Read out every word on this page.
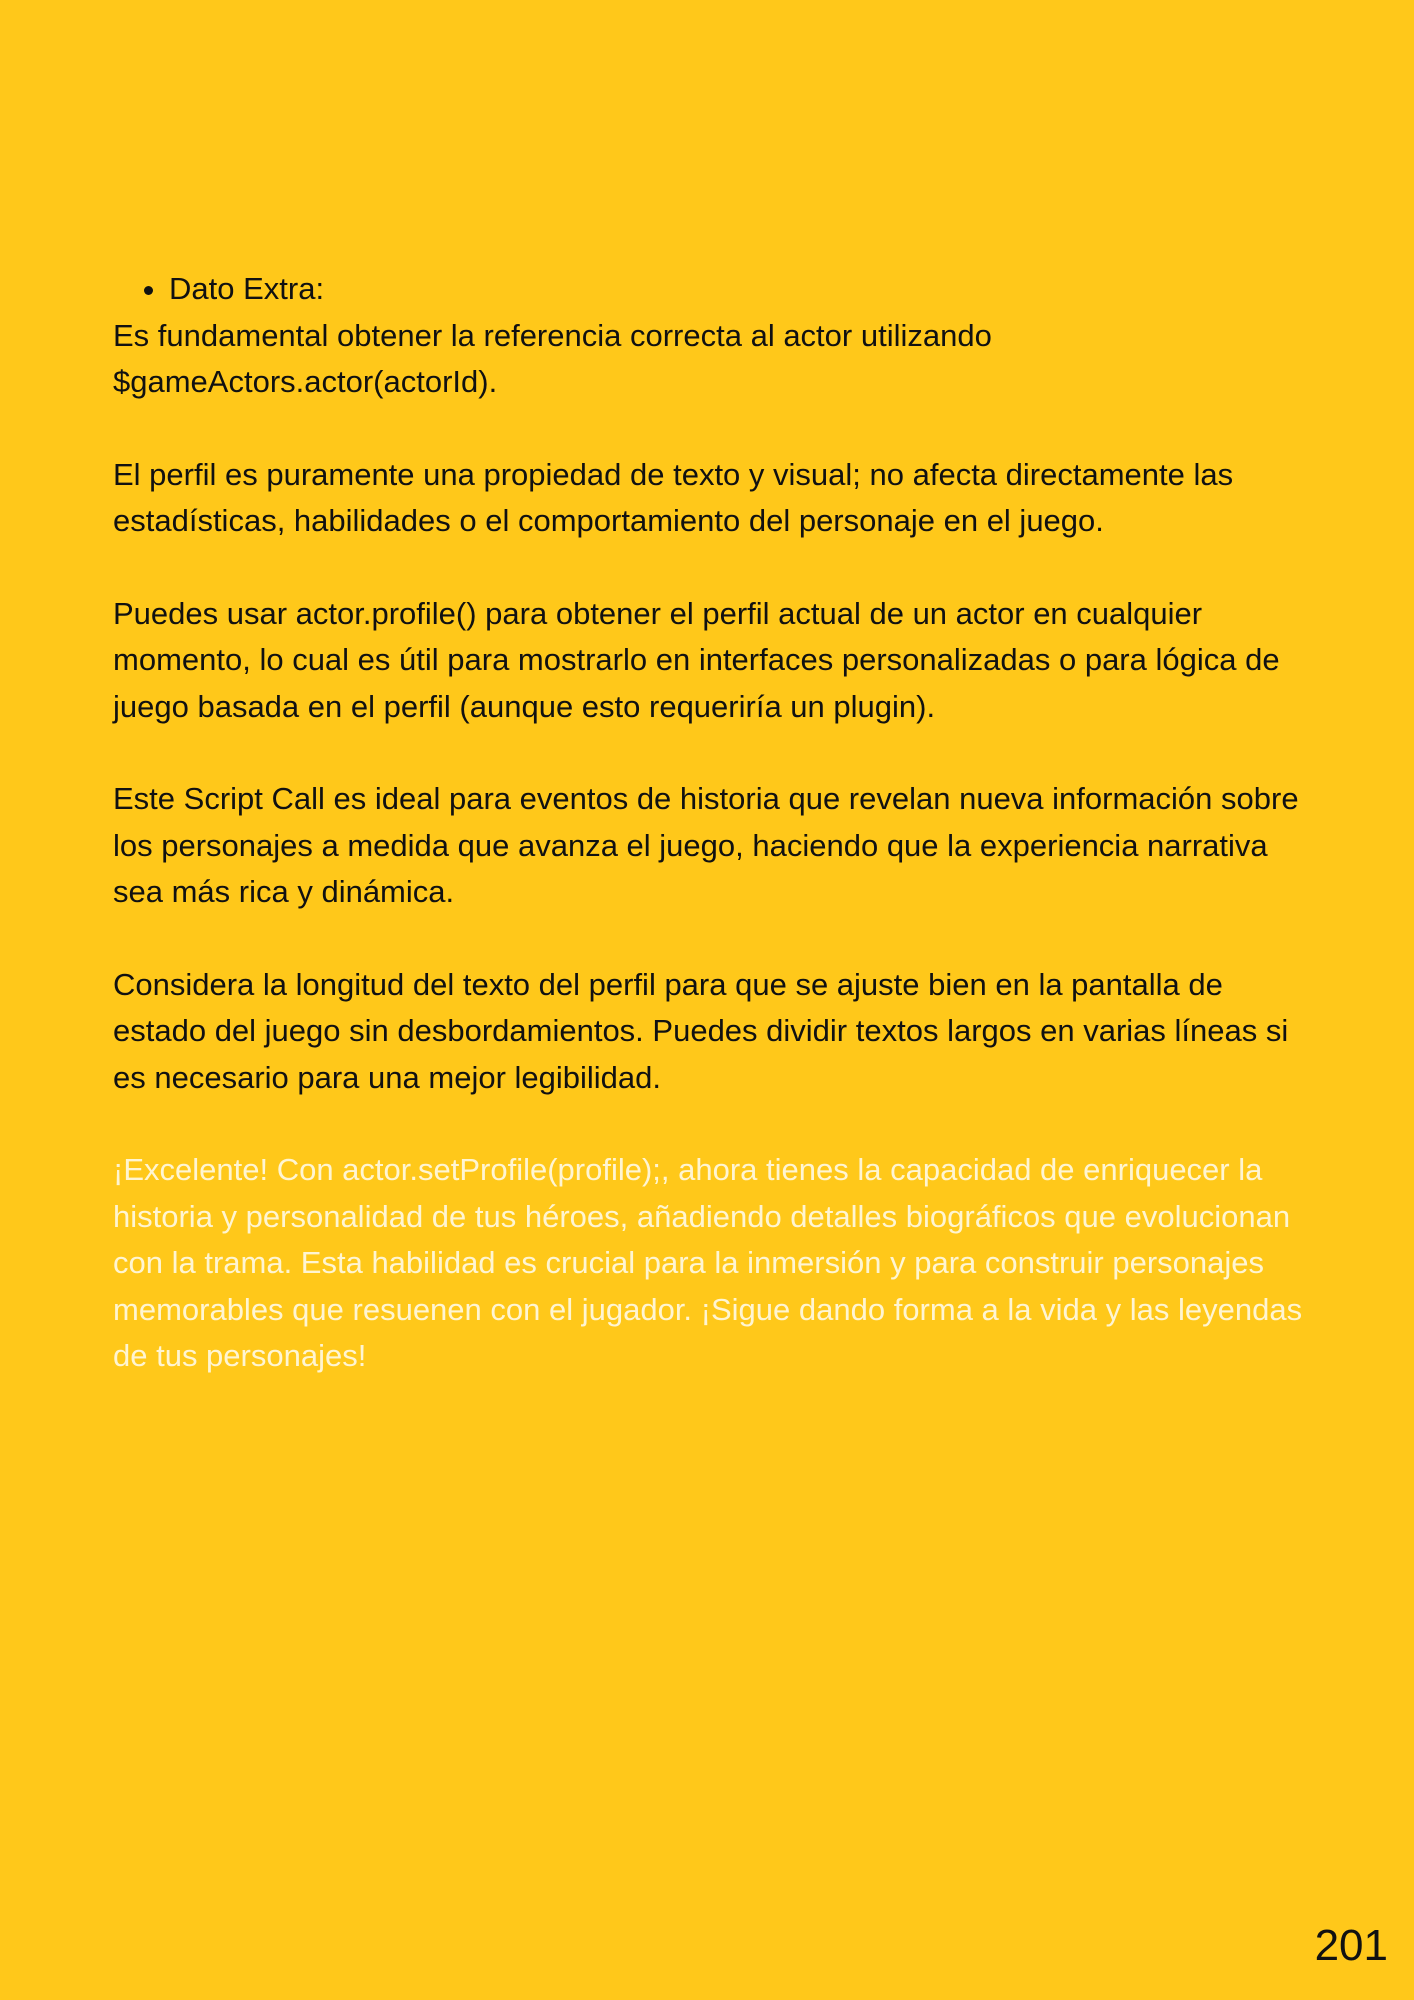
• Dato Extra:

Es fundamental obtener la referencia correcta al actor utilizando $gameActors.actor(actorId).

El perfil es puramente una propiedad de texto y visual; no afecta directamente las estadísticas, habilidades o el comportamiento del personaje en el juego.

Puedes usar actor.profile() para obtener el perfil actual de un actor en cualquier momento, lo cual es útil para mostrarlo en interfaces personalizadas o para lógica de juego basada en el perfil (aunque esto requeriría un plugin).

Este Script Call es ideal para eventos de historia que revelan nueva información sobre los personajes a medida que avanza el juego, haciendo que la experiencia narrativa sea más rica y dinámica.

Considera la longitud del texto del perfil para que se ajuste bien en la pantalla de estado del juego sin desbordamientos. Puedes dividir textos largos en varias líneas si es necesario para una mejor legibilidad.

¡Excelente! Con actor.setProfile(profile);, ahora tienes la capacidad de enriquecer la historia y personalidad de tus héroes, añadiendo detalles biográficos que evolucionan con la trama. Esta habilidad es crucial para la inmersión y para construir personajes memorables que resuenen con el jugador. ¡Sigue dando forma a la vida y las leyendas de tus personajes!

201
